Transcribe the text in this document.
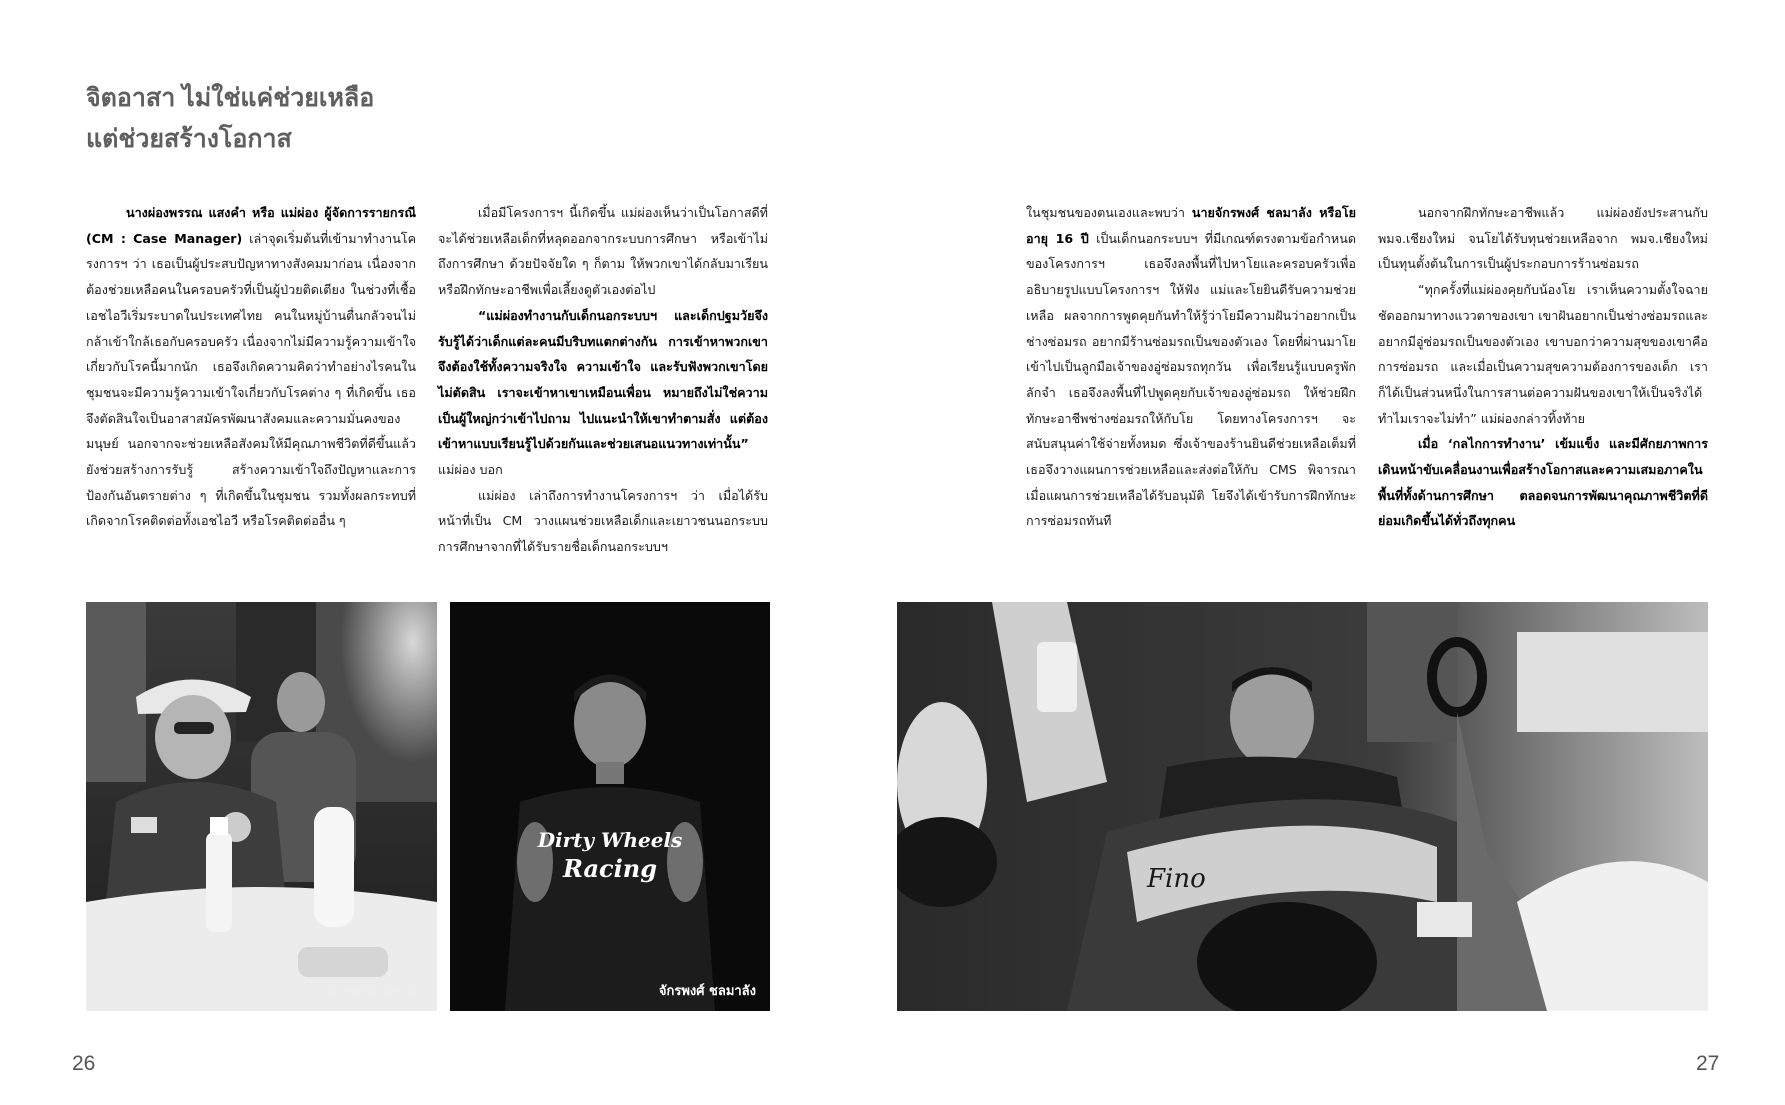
จิตอาสา ไม่ใช่แค่ช่วยเหลือ
แต่ช่วยสร้างโอกาส

นางผ่องพรรณ แสงคำ หรือ แม่ผ่อง ผู้จัดการรายกรณี (CM : Case Manager) เล่าจุดเริ่มต้นที่เข้ามาทำงานโครงการฯ ว่า เธอเป็นผู้ประสบปัญหาทางสังคมมาก่อน เนื่องจากต้องช่วยเหลือคนในครอบครัวที่เป็นผู้ป่วยติดเตียง ในช่วงที่เชื้อเอชไอวีเริ่มระบาดในประเทศไทย คนในหมู่บ้านตื่นกลัวจนไม่กล้าเข้าใกล้เธอกับครอบครัว เนื่องจากไม่มีความรู้ความเข้าใจเกี่ยวกับโรคนี้มากนัก เธอจึงเกิดความคิดว่าทำอย่างไรคนในชุมชนจะมีความรู้ความเข้าใจเกี่ยวกับโรคต่าง ๆ ที่เกิดขึ้น เธอจึงตัดสินใจเป็นอาสาสมัครพัฒนาสังคมและความมั่นคงของมนุษย์ นอกจากจะช่วยเหลือสังคมให้มีคุณภาพชีวิตที่ดีขึ้นแล้ว ยังช่วยสร้างการรับรู้ สร้างความเข้าใจถึงปัญหาและการป้องกันอันตรายต่าง ๆ ที่เกิดขึ้นในชุมชน รวมทั้งผลกระทบที่เกิดจากโรคติดต่อทั้งเอชไอวี หรือโรคติดต่ออื่น ๆ

เมื่อมีโครงการฯ นี้เกิดขึ้น แม่ผ่องเห็นว่าเป็นโอกาสดีที่จะได้ช่วยเหลือเด็กที่หลุดออกจากระบบการศึกษา หรือเข้าไม่ถึงการศึกษา ด้วยปัจจัยใด ๆ ก็ตาม ให้พวกเขาได้กลับมาเรียน หรือฝึกทักษะอาชีพเพื่อเลี้ยงดูตัวเองต่อไป

“แม่ผ่องทำงานกับเด็กนอกระบบฯ และเด็กปฐมวัยจึงรับรู้ได้ว่าเด็กแต่ละคนมีบริบทแตกต่างกัน การเข้าหาพวกเขาจึงต้องใช้ทั้งความจริงใจ ความเข้าใจ และรับฟังพวกเขาโดยไม่ตัดสิน เราจะเข้าหาเขาเหมือนเพื่อน หมายถึงไม่ใช่ความเป็นผู้ใหญ่กว่าเข้าไปถาม ไปแนะนำให้เขาทำตามสั่ง แต่ต้องเข้าหาแบบเรียนรู้ไปด้วยกันและช่วยเสนอแนวทางเท่านั้น” แม่ผ่อง บอก

แม่ผ่อง เล่าถึงการทำงานโครงการฯ ว่า เมื่อได้รับหน้าที่เป็น CM วางแผนช่วยเหลือเด็กและเยาวชนนอกระบบการศึกษาจากที่ได้รับรายชื่อเด็กนอกระบบฯ

ในชุมชนของตนเองและพบว่า นายจักรพงศ์ ชลมาลัง หรือโย อายุ 16 ปี เป็นเด็กนอกระบบฯ ที่มีเกณฑ์ตรงตามข้อกำหนดของโครงการฯ เธอจึงลงพื้นที่ไปหาโยและครอบครัวเพื่ออธิบายรูปแบบโครงการฯ ให้ฟัง แม่และโยยินดีรับความช่วยเหลือ ผลจากการพูดคุยกันทำให้รู้ว่าโยมีความฝันว่าอยากเป็นช่างซ่อมรถ อยากมีร้านซ่อมรถเป็นของตัวเอง โดยที่ผ่านมาโยเข้าไปเป็นลูกมือเจ้าของอู่ซ่อมรถทุกวัน เพื่อเรียนรู้แบบครูพักลักจำ เธอจึงลงพื้นที่ไปพูดคุยกับเจ้าของอู่ซ่อมรถ ให้ช่วยฝึกทักษะอาชีพช่างซ่อมรถให้กับโย โดยทางโครงการฯ จะสนับสนุนค่าใช้จ่ายทั้งหมด ซึ่งเจ้าของร้านยินดีช่วยเหลือเต็มที่ เธอจึงวางแผนการช่วยเหลือและส่งต่อให้กับ CMS พิจารณา เมื่อแผนการช่วยเหลือได้รับอนุมัติ โยจึงได้เข้ารับการฝึกทักษะการซ่อมรถทันที

นอกจากฝึกทักษะอาชีพแล้ว แม่ผ่องยังประสานกับ พมจ.เชียงใหม่ จนโยได้รับทุนช่วยเหลือจาก พมจ.เชียงใหม่ เป็นทุนตั้งต้นในการเป็นผู้ประกอบการร้านซ่อมรถ

“ทุกครั้งที่แม่ผ่องคุยกับน้องโย เราเห็นความตั้งใจฉายชัดออกมาทางแววตาของเขา เขาฝันอยากเป็นช่างซ่อมรถและอยากมีอู่ซ่อมรถเป็นของตัวเอง เขาบอกว่าความสุขของเขาคือ การซ่อมรถ และเมื่อเป็นความสุขความต้องการของเด็ก เราก็ได้เป็นส่วนหนึ่งในการสานต่อความฝันของเขาให้เป็นจริงได้ ทำไมเราจะไม่ทำ” แม่ผ่องกล่าวทิ้งท้าย

เมื่อ ‘กลไกการทำงาน’ เข้มแข็ง และมีศักยภาพการเดินหน้าขับเคลื่อนงานเพื่อสร้างโอกาสและความเสมอภาคในพื้นที่ทั้งด้านการศึกษา ตลอดจนการพัฒนาคุณภาพชีวิตที่ดีย่อมเกิดขึ้นได้ทั่วถึงทุกคน

ผ่องพรรณ แสงคำ
Dirty Wheels
Racing
จักรพงศ์ ชลมาลัง
Fino
26	27
